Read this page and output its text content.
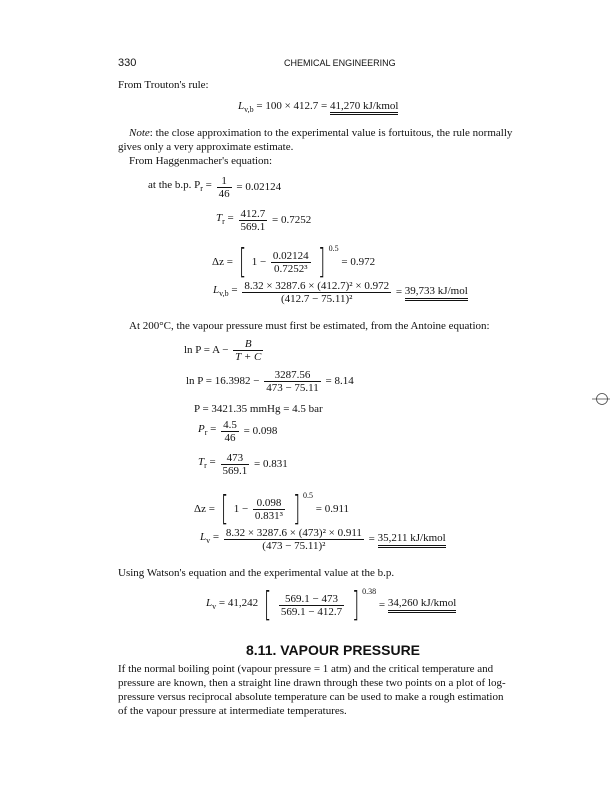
330	CHEMICAL ENGINEERING
From Trouton's rule:
$L_{v,b} = 100 \times 412.7 = 41,270$ kJ/kmol
Note: the close approximation to the experimental value is fortuitous, the rule normally
gives only a very approximate estimate.
From Haggenmacher's equation:
at the b.p. $P_r = \frac{1}{46} = 0.02124$
$T_r = \frac{412.7}{569.1} = 0.7252$
Δz = [ $1 - \frac{0.02124}{\text{0.7252³}}$ ] $^{0.5}$ = 0.972
$L_{v,b} = \frac{\text{8.32 × 3287.6 × (412.7)² × 0.972}}{\text{(412.7 − 75.11)²}} = 39,733$ kJ/mol
At 200°C, the vapour pressure must first be estimated, from the Antoine equation:
$\ln P = A - \frac{B}{T + C}$
$\ln P = 16.3982 - \frac{3287.56}{473 - 75.11} = 8.14$
P = 3421.35 mmHg = 4.5 bar
$P_r = \frac{4.5}{46} = 0.098$
$T_r = \frac{473}{569.1} = 0.831$
Δz = [ $1 - \frac{0.098}{\text{0.831³}}$ ] $^{0.5}$ = 0.911
$L_v = \frac{\text{8.32 × 3287.6 × (473)² × 0.911}}{\text{(473 − 75.11)²}} = 35,211$ kJ/kmol
Using Watson's equation and the experimental value at the b.p.
$L_v = 41,242$ [ $\frac{569.1 - 473}{569.1 - 412.7}$ ] $^{0.38}$ = 34,260 kJ/kmol
8.11. VAPOUR PRESSURE
If the normal boiling point (vapour pressure = 1 atm) and the critical temperature and
pressure are known, then a straight line drawn through these two points on a plot of log-
pressure versus reciprocal absolute temperature can be used to make a rough estimation
of the vapour pressure at intermediate temperatures.
